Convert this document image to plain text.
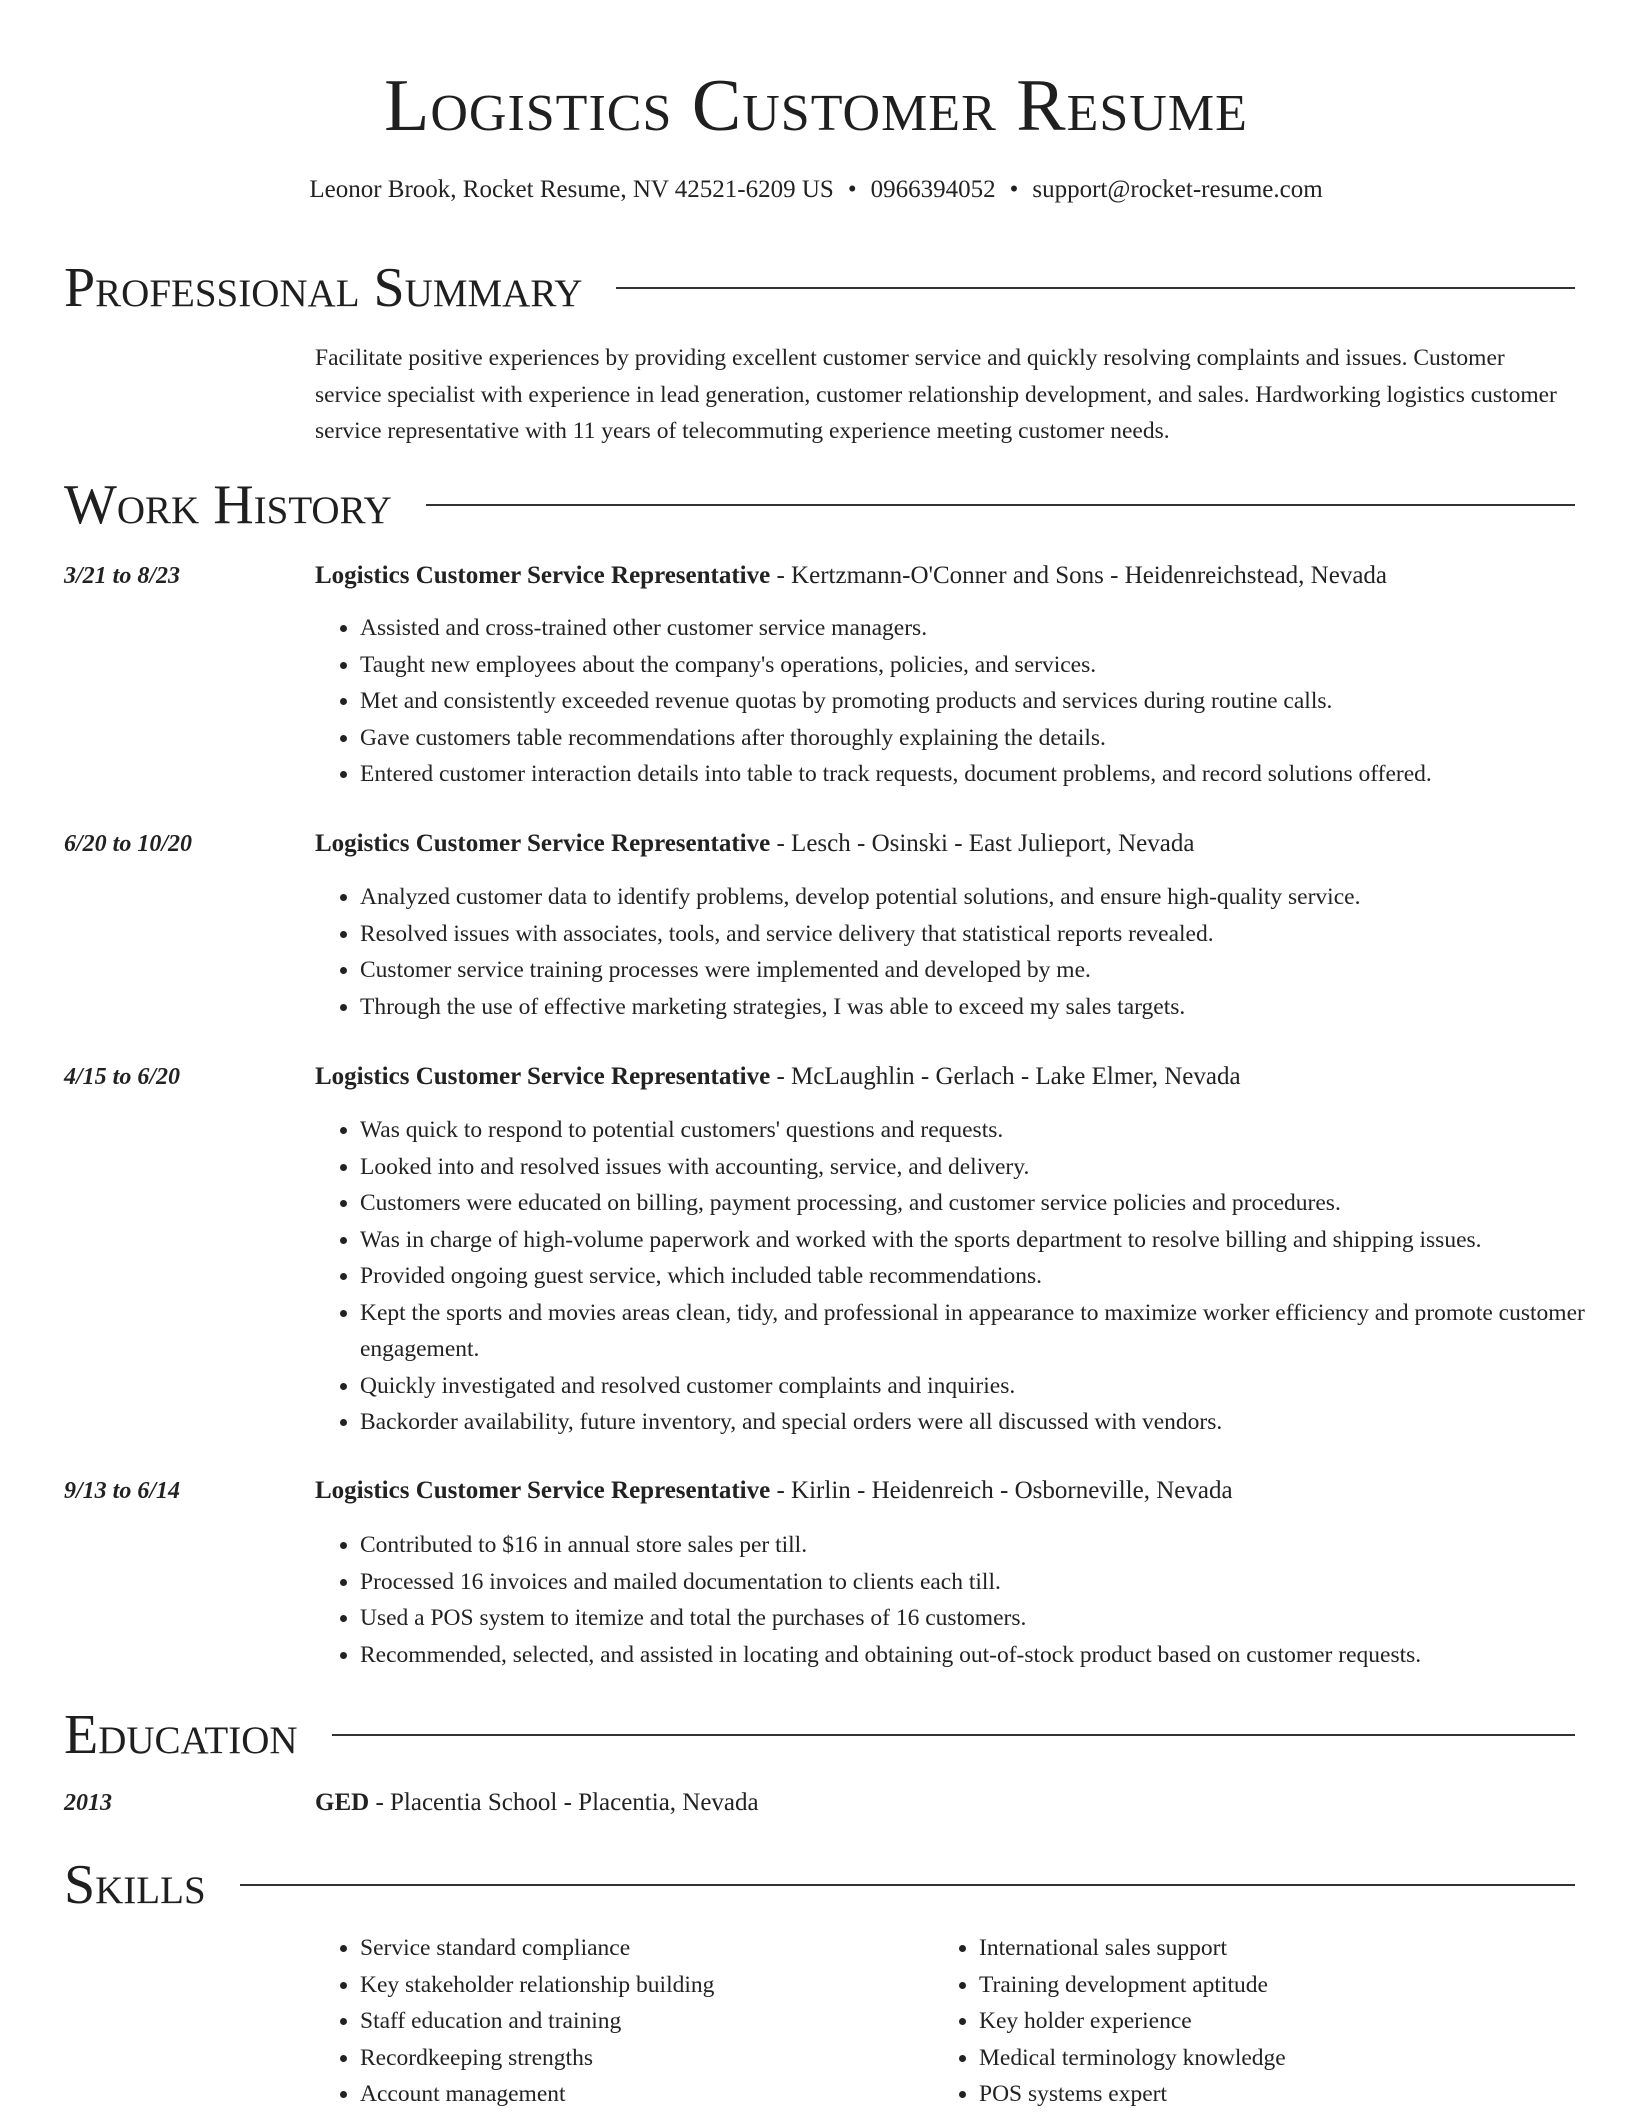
Logistics Customer Resume
Leonor Brook, Rocket Resume, NV 42521-6209 US • 0966394052 • support@rocket-resume.com
Professional Summary

Facilitate positive experiences by providing excellent customer service and quickly resolving complaints and issues. Customer service specialist with experience in lead generation, customer relationship development, and sales. Hardworking logistics customer service representative with 11 years of telecommuting experience meeting customer needs.

Work History
3/21 to 8/23	Logistics Customer Service Representative - Kertzmann-O'Conner and Sons - Heidenreichstead, Nevada
• Assisted and cross-trained other customer service managers.
• Taught new employees about the company's operations, policies, and services.
• Met and consistently exceeded revenue quotas by promoting products and services during routine calls.
• Gave customers table recommendations after thoroughly explaining the details.
• Entered customer interaction details into table to track requests, document problems, and record solutions offered.
6/20 to 10/20	Logistics Customer Service Representative - Lesch - Osinski - East Julieport, Nevada
• Analyzed customer data to identify problems, develop potential solutions, and ensure high-quality service.
• Resolved issues with associates, tools, and service delivery that statistical reports revealed.
• Customer service training processes were implemented and developed by me.
• Through the use of effective marketing strategies, I was able to exceed my sales targets.
4/15 to 6/20	Logistics Customer Service Representative - McLaughlin - Gerlach - Lake Elmer, Nevada
• Was quick to respond to potential customers' questions and requests.
• Looked into and resolved issues with accounting, service, and delivery.
• Customers were educated on billing, payment processing, and customer service policies and procedures.
• Was in charge of high-volume paperwork and worked with the sports department to resolve billing and shipping issues.
• Provided ongoing guest service, which included table recommendations.
• Kept the sports and movies areas clean, tidy, and professional in appearance to maximize worker efficiency and promote customer engagement.
• Quickly investigated and resolved customer complaints and inquiries.
• Backorder availability, future inventory, and special orders were all discussed with vendors.
9/13 to 6/14	Logistics Customer Service Representative - Kirlin - Heidenreich - Osborneville, Nevada
• Contributed to $16 in annual store sales per till.
• Processed 16 invoices and mailed documentation to clients each till.
• Used a POS system to itemize and total the purchases of 16 customers.
• Recommended, selected, and assisted in locating and obtaining out-of-stock product based on customer requests.
Education
2013	GED - Placentia School - Placentia, Nevada
Skills
• Service standard compliance
• Key stakeholder relationship building
• Staff education and training
• Recordkeeping strengths
• Account management
• International sales support
• Training development aptitude
• Key holder experience
• Medical terminology knowledge
• POS systems expert
